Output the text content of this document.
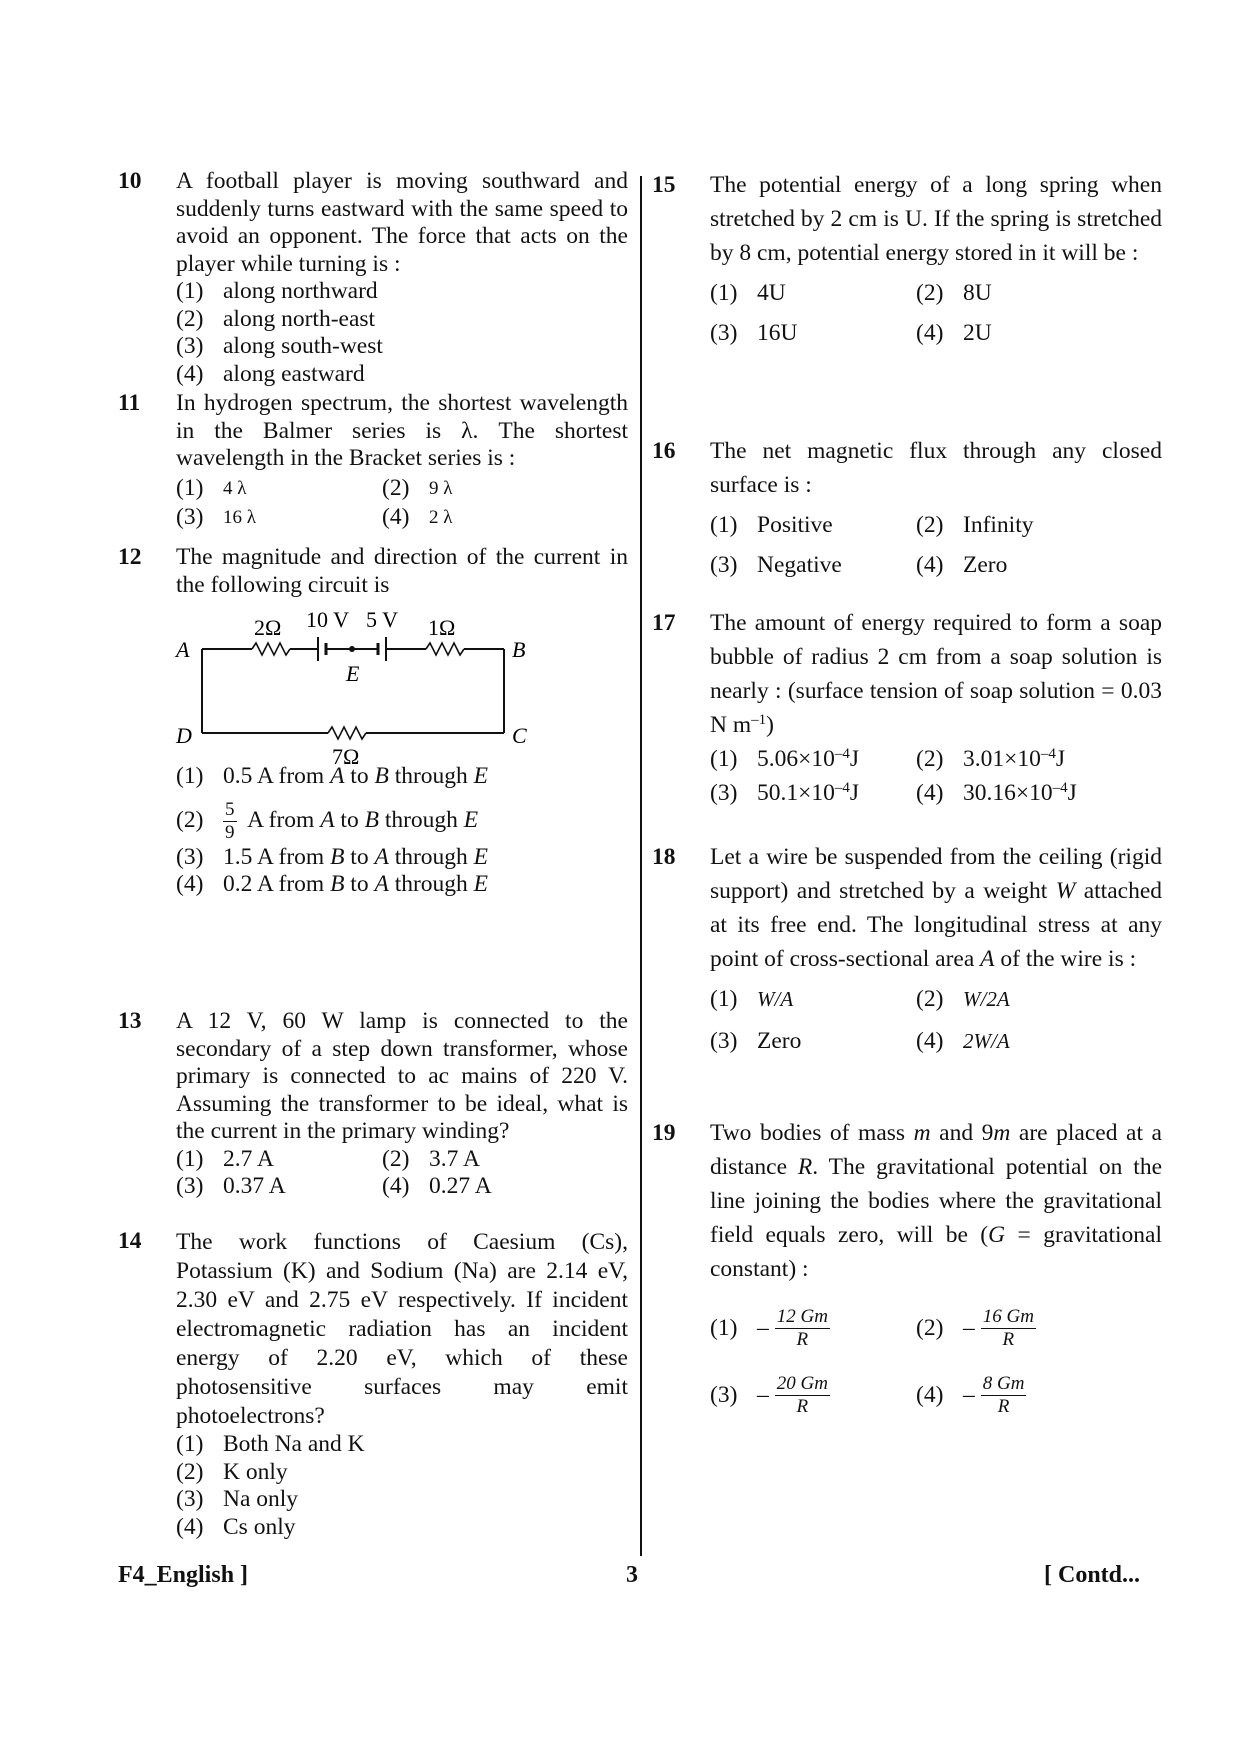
10	A football player is moving southward and suddenly turns eastward with the same speed to avoid an opponent. The force that acts on the player while turning is :
(1) along northward
(2) along north-east
(3) along south-west
(4) along eastward
11	In hydrogen spectrum, the shortest wavelength in the Balmer series is λ. The shortest wavelength in the Bracket series is :
(1)	4 λ	(2)	9 λ
(3)	16 λ	(4)	2 λ
12	The magnitude and direction of the current in the following circuit is
A	B
C
D
E
2Ω	1Ω
7Ω
10 V 5 V
(1) 0.5 A from A to B through E
(2)	$\frac{5}{9}$ A from A to B through E
(3) 1.5 A from B to A through E
(4) 0.2 A from B to A through E
13	A 12 V, 60 W lamp is connected to the secondary of a step down transformer, whose primary is connected to ac mains of 220 V. Assuming the transformer to be ideal, what is the current in the primary winding?
(1) 2.7 A	(2) 3.7 A
(3) 0.37 A	(4) 0.27 A
14	The work functions of Caesium (Cs), Potassium (K) and Sodium (Na) are 2.14 eV, 2.30 eV and 2.75 eV respectively. If incident electromagnetic radiation has an incident energy of 2.20 eV, which of these photosensitive surfaces may emit photoelectrons?
(1) Both Na and K
(2) K only
(3) Na only
(4) Cs only
15	The potential energy of a long spring when stretched by 2 cm is U. If the spring is stretched by 8 cm, potential energy stored in it will be :
(1) 4U	(2) 8U
(3) 16U	(4) 2U
16	The net magnetic flux through any closed surface is :
(1) Positive	(2) Infinity
(3) Negative	(4) Zero
17	The amount of energy required to form a soap bubble of radius 2 cm from a soap solution is nearly : (surface tension of soap solution = 0.03 N $m^{-1}$)
(1) $5.06\times 10^{-4}J$ (2) $3.01\times 10^{-4}J$
(3) $50.1\times 10^{-4}J$ (4) $30.16\times 10^{-4}J$
18	Let a wire be suspended from the ceiling (rigid support) and stretched by a weight W attached at its free end. The longitudinal stress at any point of cross-sectional area A of the wire is :
(1) W/A	(2) W/2A
(3) Zero	(4) 2W/A
19	Two bodies of mass m and 9m are placed at a distance R. The gravitational potential on the line joining the bodies where the gravitational field equals zero, will be (G = gravitational constant) :
$(1) - \frac{12 Gm}{R}$	$(2) - \frac{16 Gm}{R}$
$(3) - \frac{20 Gm}{R}$	$(4) - \frac{8 Gm}{R}$
F4_English ]	3	[ Contd...
